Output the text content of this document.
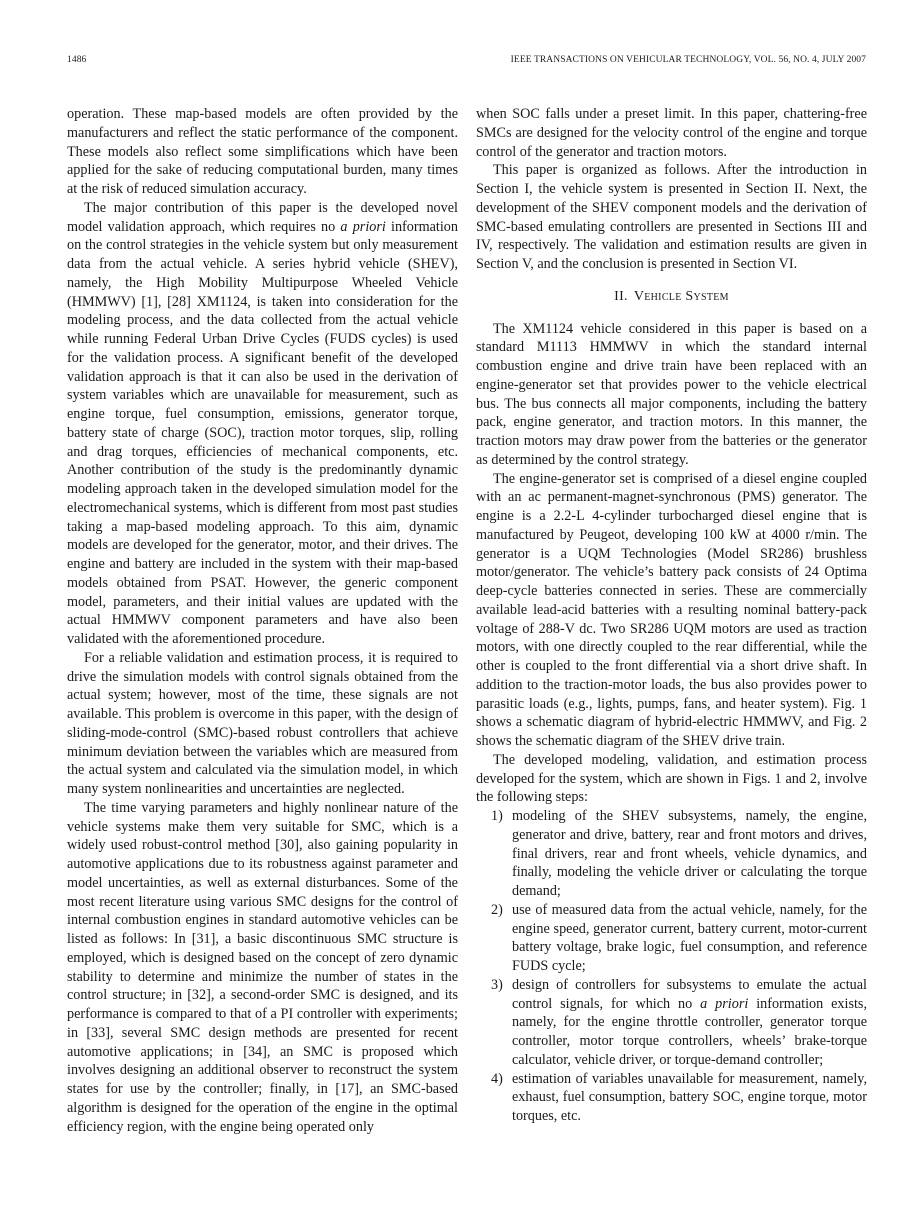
1486	IEEE TRANSACTIONS ON VEHICULAR TECHNOLOGY, VOL. 56, NO. 4, JULY 2007

operation. These map-based models are often provided by the manufacturers and reflect the static performance of the component. These models also reflect some simplifications which have been applied for the sake of reducing computational burden, many times at the risk of reduced simulation accuracy.

The major contribution of this paper is the developed novel model validation approach, which requires no a priori information on the control strategies in the vehicle system but only measurement data from the actual vehicle. A series hybrid vehicle (SHEV), namely, the High Mobility Multipurpose Wheeled Vehicle (HMMWV) [1], [28] XM1124, is taken into consideration for the modeling process, and the data collected from the actual vehicle while running Federal Urban Drive Cycles (FUDS cycles) is used for the validation process. A significant benefit of the developed validation approach is that it can also be used in the derivation of system variables which are unavailable for measurement, such as engine torque, fuel consumption, emissions, generator torque, battery state of charge (SOC), traction motor torques, slip, rolling and drag torques, efficiencies of mechanical components, etc. Another contribution of the study is the predominantly dynamic modeling approach taken in the developed simulation model for the electromechanical systems, which is different from most past studies taking a map-based modeling approach. To this aim, dynamic models are developed for the generator, motor, and their drives. The engine and battery are included in the system with their map-based models obtained from PSAT. However, the generic component model, parameters, and their initial values are updated with the actual HMMWV component parameters and have also been validated with the aforementioned procedure.

For a reliable validation and estimation process, it is required to drive the simulation models with control signals obtained from the actual system; however, most of the time, these signals are not available. This problem is overcome in this paper, with the design of sliding-mode-control (SMC)-based robust controllers that achieve minimum deviation between the variables which are measured from the actual system and calculated via the simulation model, in which many system nonlinearities and uncertainties are neglected.

The time varying parameters and highly nonlinear nature of the vehicle systems make them very suitable for SMC, which is a widely used robust-control method [30], also gaining popularity in automotive applications due to its robustness against parameter and model uncertainties, as well as external disturbances. Some of the most recent literature using various SMC designs for the control of internal combustion engines in standard automotive vehicles can be listed as follows: In [31], a basic discontinuous SMC structure is employed, which is designed based on the concept of zero dynamic stability to determine and minimize the number of states in the control structure; in [32], a second-order SMC is designed, and its performance is compared to that of a PI controller with experiments; in [33], several SMC design methods are presented for recent automotive applications; in [34], an SMC is proposed which involves designing an additional observer to reconstruct the system states for use by the controller; finally, in [17], an SMC-based algorithm is designed for the operation of the engine in the optimal efficiency region, with the engine being operated only

when SOC falls under a preset limit. In this paper, chattering-free SMCs are designed for the velocity control of the engine and torque control of the generator and traction motors.

This paper is organized as follows. After the introduction in Section I, the vehicle system is presented in Section II. Next, the development of the SHEV component models and the derivation of SMC-based emulating controllers are presented in Sections III and IV, respectively. The validation and estimation results are given in Section V, and the conclusion is presented in Section VI.

II. Vehicle System

The XM1124 vehicle considered in this paper is based on a standard M1113 HMMWV in which the standard internal combustion engine and drive train have been replaced with an engine-generator set that provides power to the vehicle electrical bus. The bus connects all major components, including the battery pack, engine generator, and traction motors. In this manner, the traction motors may draw power from the batteries or the generator as determined by the control strategy.

The engine-generator set is comprised of a diesel engine coupled with an ac permanent-magnet-synchronous (PMS) generator. The engine is a 2.2-L 4-cylinder turbocharged diesel engine that is manufactured by Peugeot, developing 100 kW at 4000 r/min. The generator is a UQM Technologies (Model SR286) brushless motor/generator. The vehicle’s battery pack consists of 24 Optima deep-cycle batteries connected in series. These are commercially available lead-acid batteries with a resulting nominal battery-pack voltage of 288-V dc. Two SR286 UQM motors are used as traction motors, with one directly coupled to the rear differential, while the other is coupled to the front differential via a short drive shaft. In addition to the traction-motor loads, the bus also provides power to parasitic loads (e.g., lights, pumps, fans, and heater system). Fig. 1 shows a schematic diagram of hybrid-electric HMMWV, and Fig. 2 shows the schematic diagram of the SHEV drive train.

The developed modeling, validation, and estimation process developed for the system, which are shown in Figs. 1 and 2, involve the following steps:

1) modeling of the SHEV subsystems, namely, the engine, generator and drive, battery, rear and front motors and drives, final drivers, rear and front wheels, vehicle dynamics, and finally, modeling the vehicle driver or calculating the torque demand;
2) use of measured data from the actual vehicle, namely, for the engine speed, generator current, battery current, motor-current battery voltage, brake logic, fuel consumption, and reference FUDS cycle;
3) design of controllers for subsystems to emulate the actual control signals, for which no a priori information exists, namely, for the engine throttle controller, generator torque controller, motor torque controllers, wheels’ brake-torque calculator, vehicle driver, or torque-demand controller;
4) estimation of variables unavailable for measurement, namely, exhaust, fuel consumption, battery SOC, engine torque, motor torques, etc.
